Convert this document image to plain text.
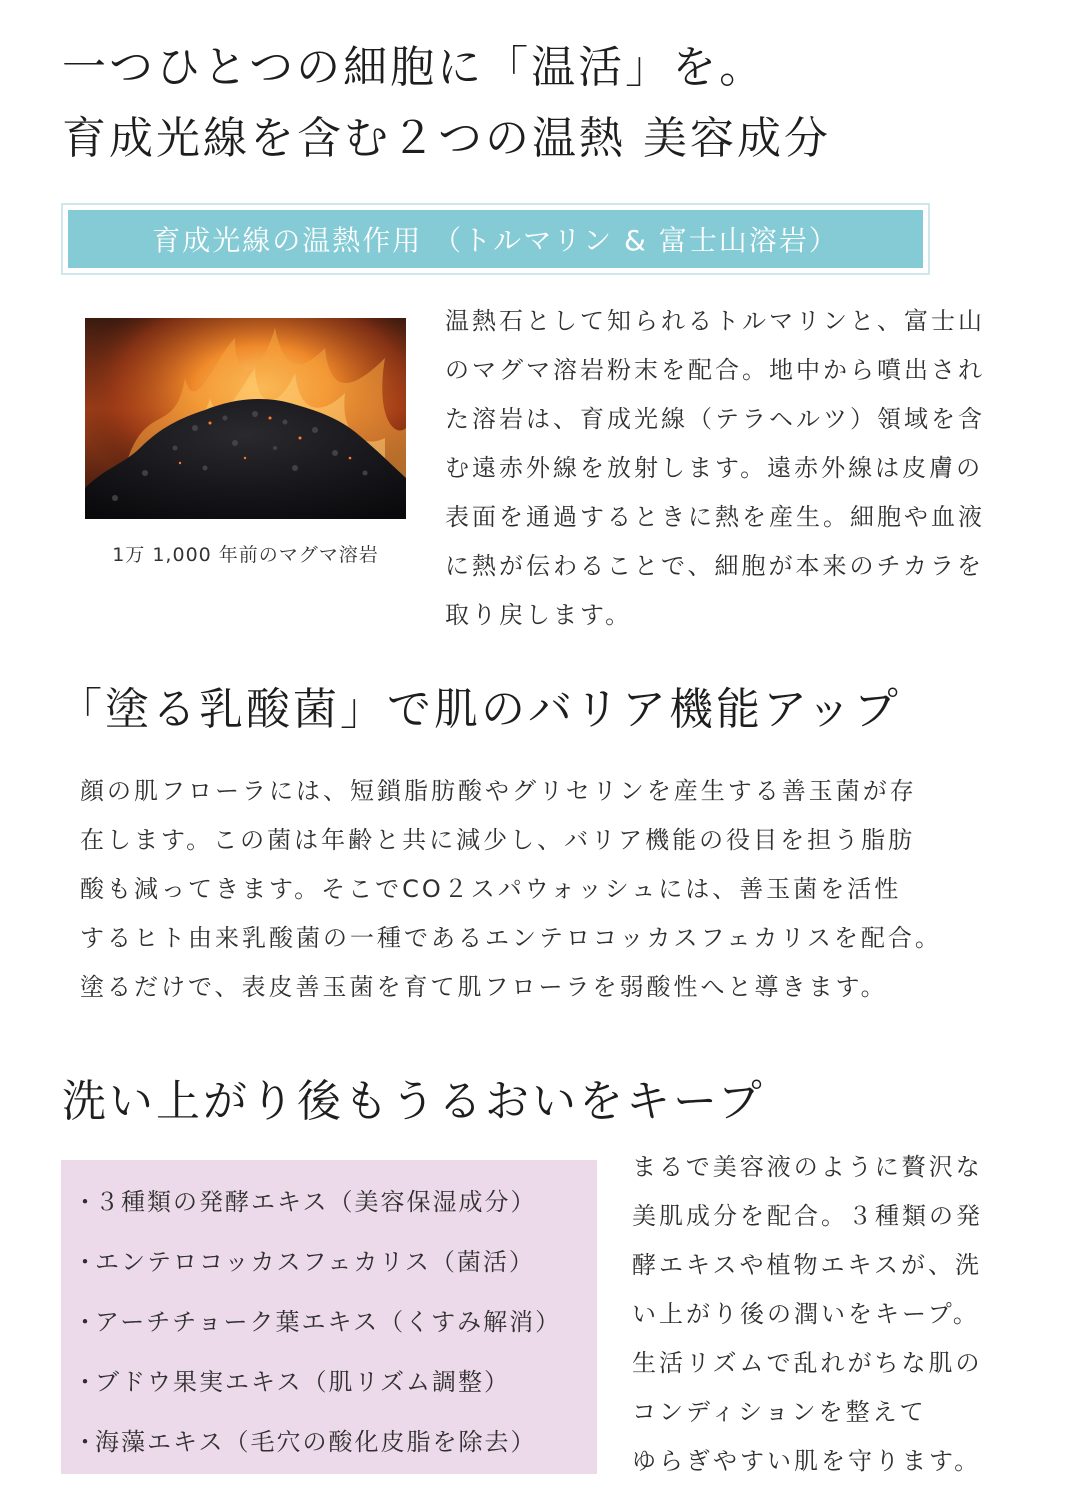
一つひとつの細胞に「温活」を。
育成光線を含む２つの温熱 美容成分
育成光線の温熱作用 （トルマリン & 富士山溶岩）
1万 1,000 年前のマグマ溶岩
温熱石として知られるトルマリンと、富士山
のマグマ溶岩粉末を配合。地中から噴出され
た溶岩は、育成光線（テラヘルツ）領域を含
む遠赤外線を放射します。遠赤外線は皮膚の
表面を通過するときに熱を産生。細胞や血液
に熱が伝わることで、細胞が本来のチカラを
取り戻します。
「塗る乳酸菌」で肌のバリア機能アップ
顔の肌フローラには、短鎖脂肪酸やグリセリンを産生する善玉菌が存
在します。この菌は年齢と共に減少し、バリア機能の役目を担う脂肪
酸も減ってきます。そこでCO２スパウォッシュには、善玉菌を活性
するヒト由来乳酸菌の一種であるエンテロコッカスフェカリスを配合。
塗るだけで、表皮善玉菌を育て肌フローラを弱酸性へと導きます。
洗い上がり後もうるおいをキープ
・３種類の発酵エキス（美容保湿成分）
・エンテロコッカスフェカリス（菌活）
・アーチチョーク葉エキス（くすみ解消）
・ブドウ果実エキス（肌リズム調整）
・海藻エキス（毛穴の酸化皮脂を除去）
まるで美容液のように贅沢な
美肌成分を配合。３種類の発
酵エキスや植物エキスが、洗
い上がり後の潤いをキープ。
生活リズムで乱れがちな肌の
コンディションを整えて
ゆらぎやすい肌を守ります。
